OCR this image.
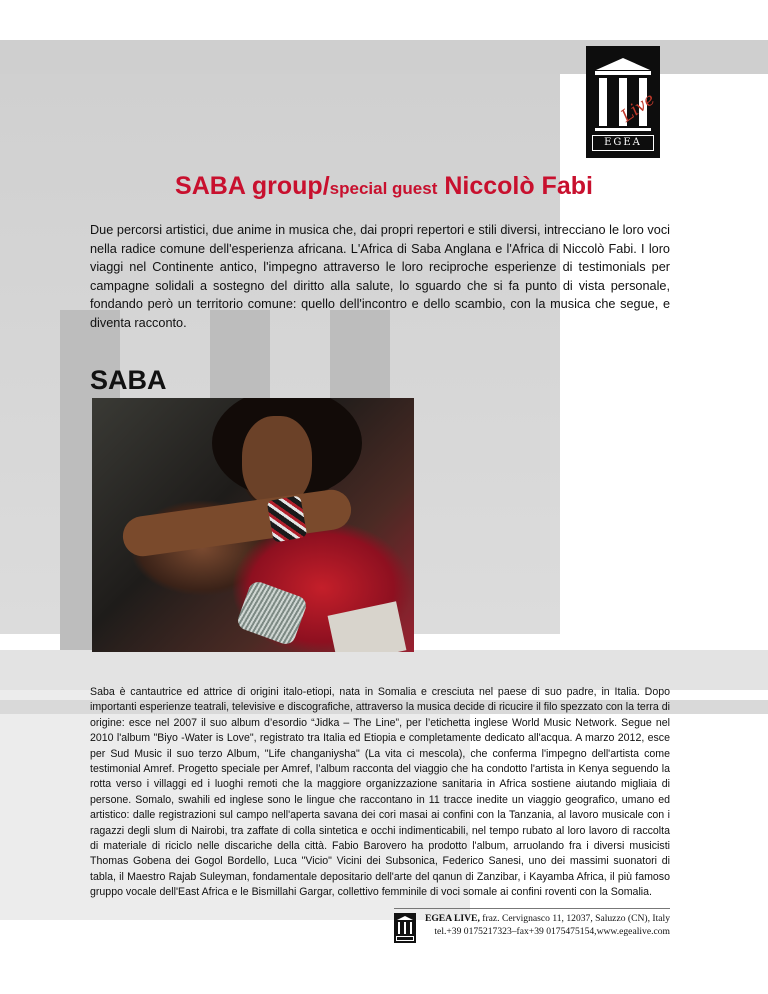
Live
EGEA
SABA group/special guest Niccolò Fabi
Due percorsi artistici, due anime in musica che, dai propri repertori e stili diversi, intrecciano le loro voci nella radice comune dell'esperienza africana. L'Africa di Saba Anglana e l'Africa di Niccolò Fabi. I loro viaggi nel Continente antico, l'impegno attraverso le loro reciproche esperienze di testimonials per campagne solidali a sostegno del diritto alla salute, lo sguardo che si fa punto di vista personale, fondando però un territorio comune: quello dell'incontro e dello scambio, con la musica che segue, e diventa racconto.
SABA
Saba è cantautrice ed attrice di origini italo-etiopi, nata in Somalia e cresciuta nel paese di suo padre, in Italia. Dopo importanti esperienze teatrali, televisive e discografiche, attraverso la musica decide di ricucire il filo spezzato con la terra di origine: esce nel 2007 il suo album d’esordio “Jidka – The Line”, per l’etichetta inglese World Music Network. Segue nel 2010 l'album "Biyo -Water is Love", registrato tra Italia ed Etiopia e completamente dedicato all'acqua. A marzo 2012, esce per Sud Music il suo terzo Album, "Life changaniysha" (La vita ci mescola), che conferma l'impegno dell'artista come testimonial Amref. Progetto speciale per Amref, l’album racconta del viaggio che ha condotto l'artista in Kenya seguendo la rotta verso i villaggi ed i luoghi remoti che la maggiore organizzazione sanitaria in Africa sostiene aiutando migliaia di persone. Somalo, swahili ed inglese sono le lingue che raccontano in 11 tracce inedite un viaggio geografico, umano ed artistico: dalle registrazioni sul campo nell'aperta savana dei cori masai ai confini con la Tanzania, al lavoro musicale con i ragazzi degli slum di Nairobi, tra zaffate di colla sintetica e occhi indimenticabili, nel tempo rubato al loro lavoro di raccolta di materiale di riciclo nelle discariche della città. Fabio Barovero ha prodotto l'album, arruolando fra i diversi musicisti Thomas Gobena dei Gogol Bordello, Luca "Vicio" Vicini dei Subsonica, Federico Sanesi, uno dei massimi suonatori di tabla, il Maestro Rajab Suleyman, fondamentale depositario dell'arte del qanun di Zanzibar, i Kayamba Africa, il più famoso gruppo vocale dell'East Africa e le Bismillahi Gargar, collettivo femminile di voci somale ai confini roventi con la Somalia.
EGEA LIVE, fraz. Cervignasco 11, 12037, Saluzzo (CN), Italy
tel.+39 0175217323–fax+39 0175475154,www.egealive.com
